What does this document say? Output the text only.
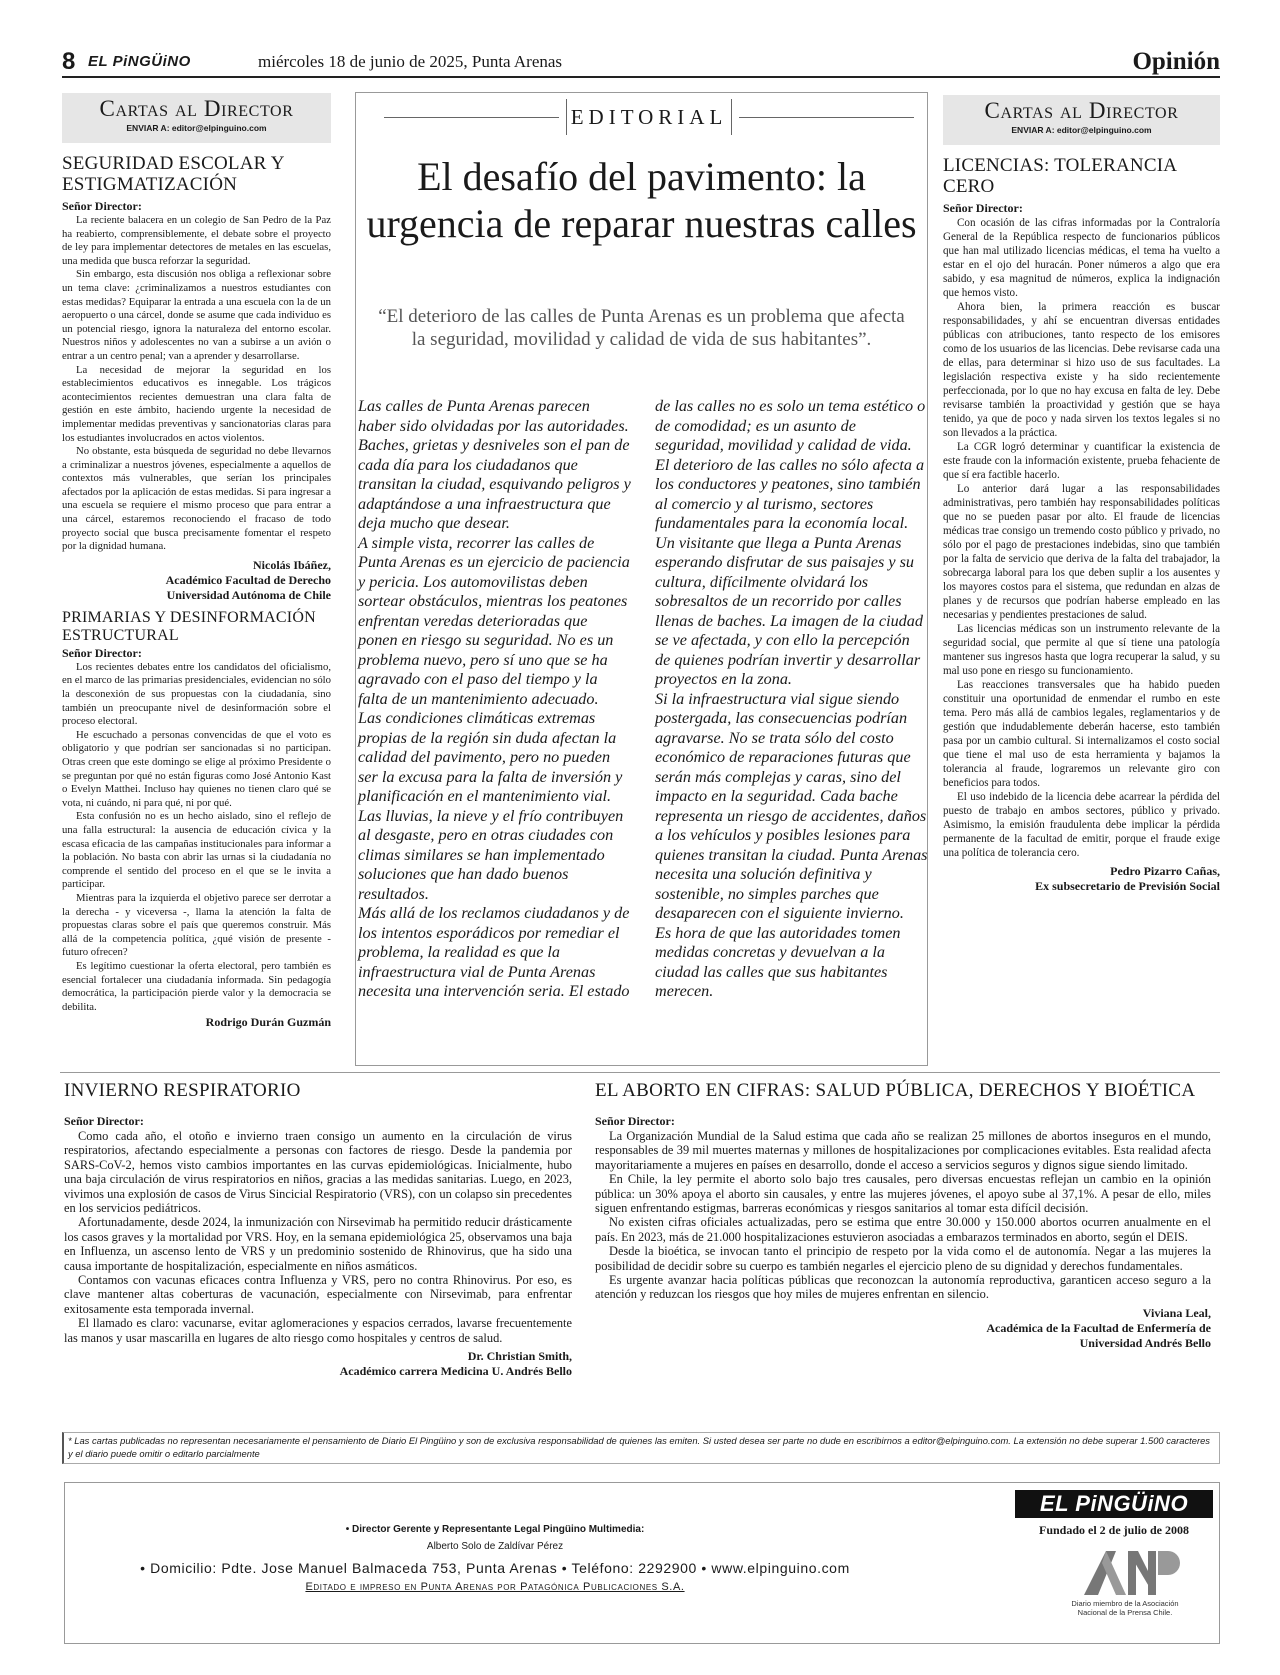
8 EL PiNGÜiNO	miércoles 18 de junio de 2025, Punta Arenas	Opinión
Cartas al Director
ENVIAR A: editor@elpinguino.com
SEGURIDAD ESCOLAR Y ESTIGMATIZACIÓN
Señor Director:

La reciente balacera en un colegio de San Pedro de la Paz ha reabierto, comprensiblemente, el debate sobre el proyecto de ley para implementar detectores de metales en las escuelas, una medida que busca reforzar la seguridad.

Sin embargo, esta discusión nos obliga a reflexionar sobre un tema clave: ¿criminalizamos a nuestros estudiantes con estas medidas? Equiparar la entrada a una escuela con la de un aeropuerto o una cárcel, donde se asume que cada individuo es un potencial riesgo, ignora la naturaleza del entorno escolar. Nuestros niños y adolescentes no van a subirse a un avión o entrar a un centro penal; van a aprender y desarrollarse.

La necesidad de mejorar la seguridad en los establecimientos educativos es innegable. Los trágicos acontecimientos recientes demuestran una clara falta de gestión en este ámbito, haciendo urgente la necesidad de implementar medidas preventivas y sancionatorias claras para los estudiantes involucrados en actos violentos.

No obstante, esta búsqueda de seguridad no debe llevarnos a criminalizar a nuestros jóvenes, especialmente a aquellos de contextos más vulnerables, que serían los principales afectados por la aplicación de estas medidas. Si para ingresar a una escuela se requiere el mismo proceso que para entrar a una cárcel, estaremos reconociendo el fracaso de todo proyecto social que busca precisamente fomentar el respeto por la dignidad humana.

Nicolás Ibáñez,
Académico Facultad de Derecho
Universidad Autónoma de Chile
PRIMARIAS Y DESINFORMACIÓN ESTRUCTURAL
Señor Director:

Los recientes debates entre los candidatos del oficialismo, en el marco de las primarias presidenciales, evidencian no sólo la desconexión de sus propuestas con la ciudadanía, sino también un preocupante nivel de desinformación sobre el proceso electoral.

He escuchado a personas convencidas de que el voto es obligatorio y que podrían ser sancionadas si no participan. Otras creen que este domingo se elige al próximo Presidente o se preguntan por qué no están figuras como José Antonio Kast o Evelyn Matthei. Incluso hay quienes no tienen claro qué se vota, ni cuándo, ni para qué, ni por qué.

Esta confusión no es un hecho aislado, sino el reflejo de una falla estructural: la ausencia de educación cívica y la escasa eficacia de las campañas institucionales para informar a la población. No basta con abrir las urnas si la ciudadanía no comprende el sentido del proceso en el que se le invita a participar.

Mientras para la izquierda el objetivo parece ser derrotar a la derecha - y viceversa -, llama la atención la falta de propuestas claras sobre el país que queremos construir. Más allá de la competencia política, ¿qué visión de presente - futuro ofrecen?

Es legítimo cuestionar la oferta electoral, pero también es esencial fortalecer una ciudadanía informada. Sin pedagogía democrática, la participación pierde valor y la democracia se debilita.

Rodrigo Durán Guzmán
EDITORIAL
El desafío del pavimento: la urgencia de reparar nuestras calles
“El deterioro de las calles de Punta Arenas es un problema que afecta la seguridad, movilidad y calidad de vida de sus habitantes”.

Las calles de Punta Arenas parecen haber sido olvidadas por las autoridades. Baches, grietas y desniveles son el pan de cada día para los ciudadanos que transitan la ciudad, esquivando peligros y adaptándose a una infraestructura que deja mucho que desear.

A simple vista, recorrer las calles de Punta Arenas es un ejercicio de paciencia y pericia. Los automovilistas deben sortear obstáculos, mientras los peatones enfrentan veredas deterioradas que ponen en riesgo su seguridad. No es un problema nuevo, pero sí uno que se ha agravado con el paso del tiempo y la falta de un mantenimiento adecuado.

Las condiciones climáticas extremas propias de la región sin duda afectan la calidad del pavimento, pero no pueden ser la excusa para la falta de inversión y planificación en el mantenimiento vial. Las lluvias, la nieve y el frío contribuyen al desgaste, pero en otras ciudades con climas similares se han implementado soluciones que han dado buenos resultados.

Más allá de los reclamos ciudadanos y de los intentos esporádicos por remediar el problema, la realidad es que la infraestructura vial de Punta Arenas necesita una intervención seria. El estado de las calles no es solo un tema estético o de comodidad; es un asunto de seguridad, movilidad y calidad de vida.

El deterioro de las calles no sólo afecta a los conductores y peatones, sino también al comercio y al turismo, sectores fundamentales para la economía local. Un visitante que llega a Punta Arenas esperando disfrutar de sus paisajes y su cultura, difícilmente olvidará los sobresaltos de un recorrido por calles llenas de baches. La imagen de la ciudad se ve afectada, y con ello la percepción de quienes podrían invertir y desarrollar proyectos en la zona.

Si la infraestructura vial sigue siendo postergada, las consecuencias podrían agravarse. No se trata sólo del costo económico de reparaciones futuras que serán más complejas y caras, sino del impacto en la seguridad. Cada bache representa un riesgo de accidentes, daños a los vehículos y posibles lesiones para quienes transitan la ciudad. Punta Arenas necesita una solución definitiva y sostenible, no simples parches que desaparecen con el siguiente invierno.

Es hora de que las autoridades tomen medidas concretas y devuelvan a la ciudad las calles que sus habitantes merecen.

Cartas al Director
ENVIAR A: editor@elpinguino.com
LICENCIAS: TOLERANCIA CERO
Señor Director:

Con ocasión de las cifras informadas por la Contraloría General de la República respecto de funcionarios públicos que han mal utilizado licencias médicas, el tema ha vuelto a estar en el ojo del huracán. Poner números a algo que era sabido, y esa magnitud de números, explica la indignación que hemos visto.

Ahora bien, la primera reacción es buscar responsabilidades, y ahí se encuentran diversas entidades públicas con atribuciones, tanto respecto de los emisores como de los usuarios de las licencias. Debe revisarse cada una de ellas, para determinar si hizo uso de sus facultades. La legislación respectiva existe y ha sido recientemente perfeccionada, por lo que no hay excusa en falta de ley. Debe revisarse también la proactividad y gestión que se haya tenido, ya que de poco y nada sirven los textos legales si no son llevados a la práctica.

La CGR logró determinar y cuantificar la existencia de este fraude con la información existente, prueba fehaciente de que sí era factible hacerlo.

Lo anterior dará lugar a las responsabilidades administrativas, pero también hay responsabilidades políticas que no se pueden pasar por alto. El fraude de licencias médicas trae consigo un tremendo costo público y privado, no sólo por el pago de prestaciones indebidas, sino que también por la falta de servicio que deriva de la falta del trabajador, la sobrecarga laboral para los que deben suplir a los ausentes y los mayores costos para el sistema, que redundan en alzas de planes y de recursos que podrían haberse empleado en las necesarias y pendientes prestaciones de salud.

Las licencias médicas son un instrumento relevante de la seguridad social, que permite al que sí tiene una patología mantener sus ingresos hasta que logra recuperar la salud, y su mal uso pone en riesgo su funcionamiento.

Las reacciones transversales que ha habido pueden constituir una oportunidad de enmendar el rumbo en este tema. Pero más allá de cambios legales, reglamentarios y de gestión que indudablemente deberán hacerse, esto también pasa por un cambio cultural. Si internalizamos el costo social que tiene el mal uso de esta herramienta y bajamos la tolerancia al fraude, lograremos un relevante giro con beneficios para todos.

El uso indebido de la licencia debe acarrear la pérdida del puesto de trabajo en ambos sectores, público y privado. Asimismo, la emisión fraudulenta debe implicar la pérdida permanente de la facultad de emitir, porque el fraude exige una política de tolerancia cero.

Pedro Pizarro Cañas,
Ex subsecretario de Previsión Social
INVIERNO RESPIRATORIO
Señor Director:

Como cada año, el otoño e invierno traen consigo un aumento en la circulación de virus respiratorios, afectando especialmente a personas con factores de riesgo. Desde la pandemia por SARS-CoV-2, hemos visto cambios importantes en las curvas epidemiológicas. Inicialmente, hubo una baja circulación de virus respiratorios en niños, gracias a las medidas sanitarias. Luego, en 2023, vivimos una explosión de casos de Virus Sincicial Respiratorio (VRS), con un colapso sin precedentes en los servicios pediátricos.

Afortunadamente, desde 2024, la inmunización con Nirsevimab ha permitido reducir drásticamente los casos graves y la mortalidad por VRS. Hoy, en la semana epidemiológica 25, observamos una baja en Influenza, un ascenso lento de VRS y un predominio sostenido de Rhinovirus, que ha sido una causa importante de hospitalización, especialmente en niños asmáticos.

Contamos con vacunas eficaces contra Influenza y VRS, pero no contra Rhinovirus. Por eso, es clave mantener altas coberturas de vacunación, especialmente con Nirsevimab, para enfrentar exitosamente esta temporada invernal.

El llamado es claro: vacunarse, evitar aglomeraciones y espacios cerrados, lavarse frecuentemente las manos y usar mascarilla en lugares de alto riesgo como hospitales y centros de salud.

Dr. Christian Smith,
Académico carrera Medicina U. Andrés Bello
EL ABORTO EN CIFRAS: SALUD PÚBLICA, DERECHOS Y BIOÉTICA
Señor Director:

La Organización Mundial de la Salud estima que cada año se realizan 25 millones de abortos inseguros en el mundo, responsables de 39 mil muertes maternas y millones de hospitalizaciones por complicaciones evitables. Esta realidad afecta mayoritariamente a mujeres en países en desarrollo, donde el acceso a servicios seguros y dignos sigue siendo limitado.

En Chile, la ley permite el aborto solo bajo tres causales, pero diversas encuestas reflejan un cambio en la opinión pública: un 30% apoya el aborto sin causales, y entre las mujeres jóvenes, el apoyo sube al 37,1%. A pesar de ello, miles siguen enfrentando estigmas, barreras económicas y riesgos sanitarios al tomar esta difícil decisión.

No existen cifras oficiales actualizadas, pero se estima que entre 30.000 y 150.000 abortos ocurren anualmente en el país. En 2023, más de 21.000 hospitalizaciones estuvieron asociadas a embarazos terminados en aborto, según el DEIS.

Desde la bioética, se invocan tanto el principio de respeto por la vida como el de autonomía. Negar a las mujeres la posibilidad de decidir sobre su cuerpo es también negarles el ejercicio pleno de su dignidad y derechos fundamentales.

Es urgente avanzar hacia políticas públicas que reconozcan la autonomía reproductiva, garanticen acceso seguro a la atención y reduzcan los riesgos que hoy miles de mujeres enfrentan en silencio.

Viviana Leal,
Académica de la Facultad de Enfermería de
Universidad Andrés Bello
* Las cartas publicadas no representan necesariamente el pensamiento de Diario El Pingüino y son de exclusiva responsabilidad de quienes las emiten. Si usted desea ser parte no dude en escribirnos a editor@elpinguino.com. La extensión no debe superar 1.500 caracteres y el diario puede omitir o editarlo parcialmente
• Director Gerente y Representante Legal Pingüino Multimedia:
Alberto Solo de Zaldívar Pérez
• Domicilio: Pdte. Jose Manuel Balmaceda 753, Punta Arenas • Teléfono: 2292900 • www.elpinguino.com
Editado e impreso en Punta Arenas por Patagónica Publicaciones S.A.
EL PiNGÜiNO
Fundado el 2 de julio de 2008
Diario miembro de la Asociación Nacional de la Prensa Chile.
